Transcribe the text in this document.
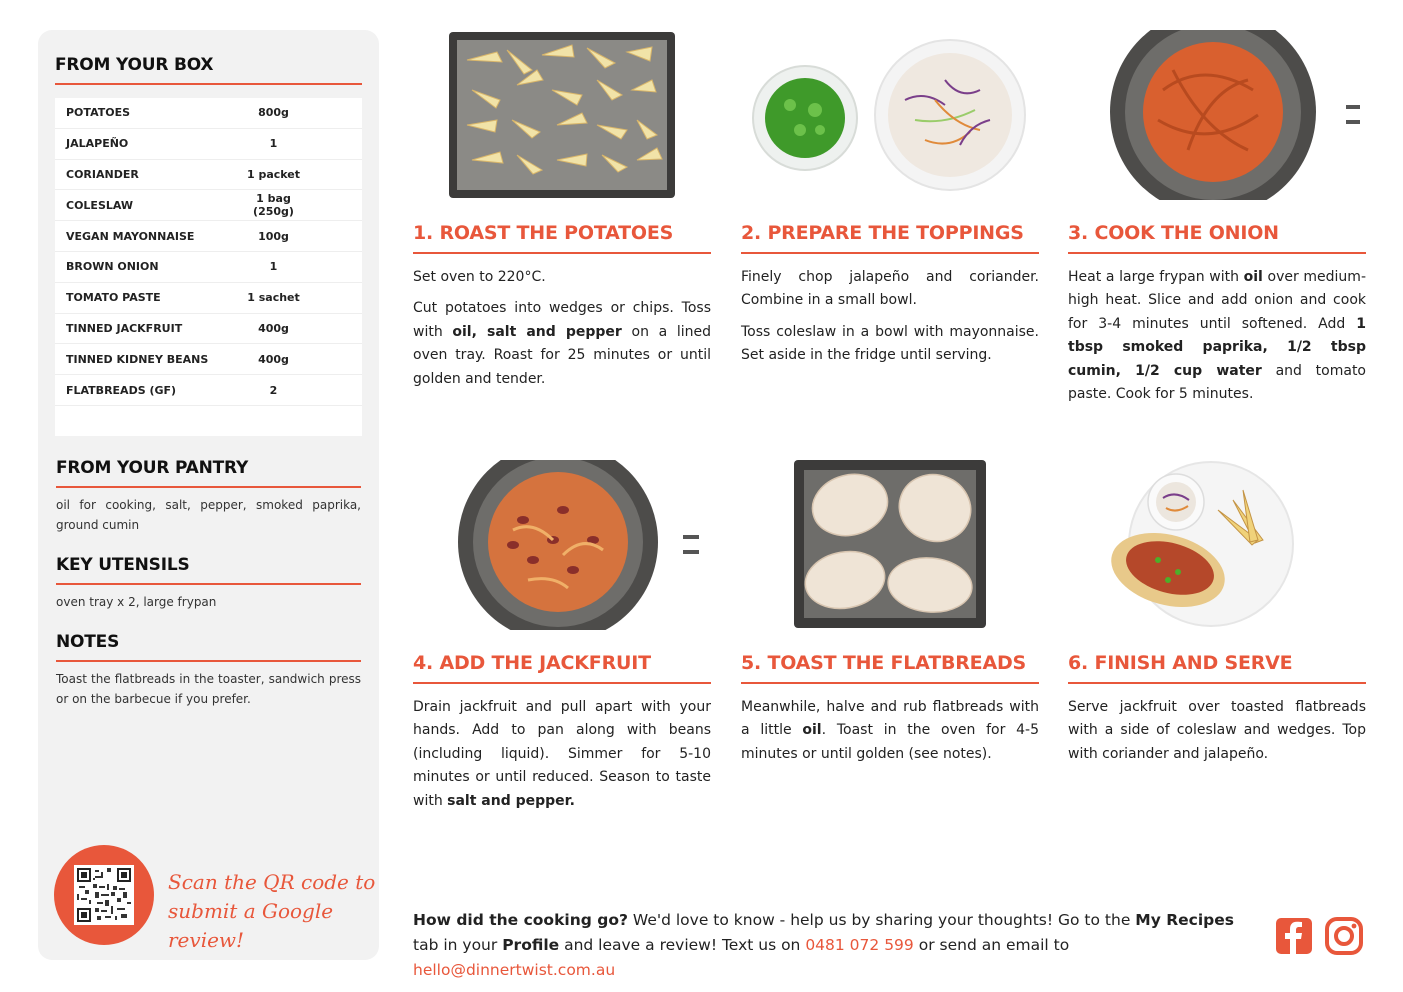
FROM YOUR BOX
POTATOES	800g
JALAPEÑO	1
CORIANDER	1 packet
COLESLAW	1 bag (250g)
VEGAN MAYONNAISE	100g
BROWN ONION	1
TOMATO PASTE	1 sachet
TINNED JACKFRUIT	400g
TINNED KIDNEY BEANS	400g
FLATBREADS (GF)	2
FROM YOUR PANTRY
oil for cooking, salt, pepper, smoked paprika, ground cumin
KEY UTENSILS
oven tray x 2, large frypan
NOTES
Toast the flatbreads in the toaster, sandwich press or on the barbecue if you prefer.
Scan the QR code to
submit a Google review!
1. ROAST THE POTATOES

Set oven to 220°C.

Cut potatoes into wedges or chips. Toss with oil, salt and pepper on a lined oven tray. Roast for 25 minutes or until golden and tender.

2. PREPARE THE TOPPINGS

Finely chop jalapeño and coriander. Combine in a small bowl.

Toss coleslaw in a bowl with mayonnaise. Set aside in the fridge until serving.

3. COOK THE ONION

Heat a large frypan with oil over medium-high heat. Slice and add onion and cook for 3-4 minutes until softened. Add 1 tbsp smoked paprika, 1/2 tbsp cumin, 1/2 cup water and tomato paste. Cook for 5 minutes.

4. ADD THE JACKFRUIT

Drain jackfruit and pull apart with your hands. Add to pan along with beans (including liquid). Simmer for 5-10 minutes or until reduced. Season to taste with salt and pepper.

5. TOAST THE FLATBREADS

Meanwhile, halve and rub flatbreads with a little oil. Toast in the oven for 4-5 minutes or until golden (see notes).

6. FINISH AND SERVE

Serve jackfruit over toasted flatbreads with a side of coleslaw and wedges. Top with coriander and jalapeño.

How did the cooking go? We'd love to know - help us by sharing your thoughts! Go to the My Recipes tab in your Profile and leave a review! Text us on 0481 072 599 or send an email to hello@dinnertwist.com.au
